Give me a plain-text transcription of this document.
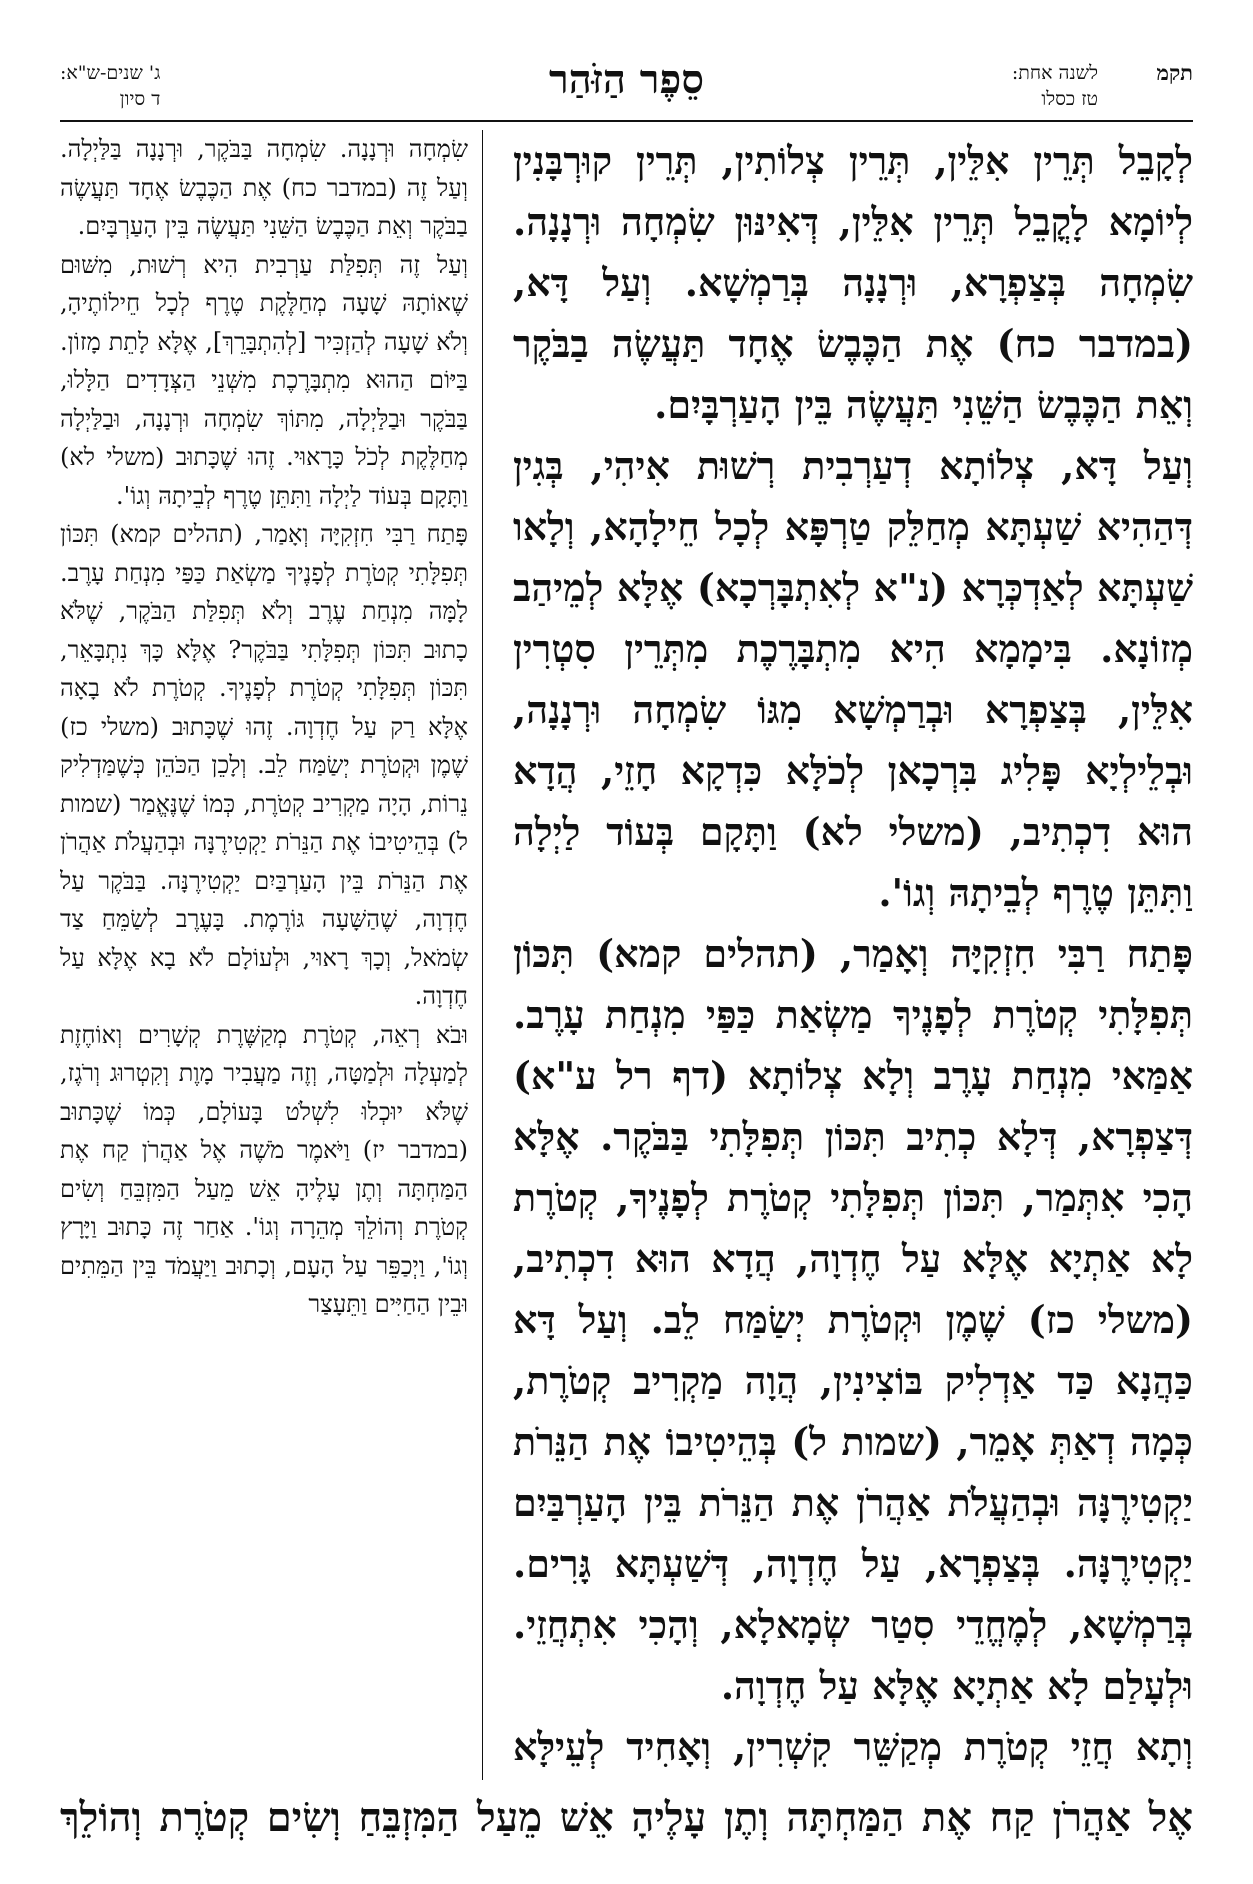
תקמ
לשנה אחת:
טז כסלו
סֵפֶר הַזֹּהַר
ג' שנים-ש"א:
ד סיון

לְקָבֵל תְּרֵין אִלֵּין, תְּרֵין צְלוֹתִין, תְּרֵין קוּרְבָּנִין לְיוֹמָא לָקֳבֵל תְּרֵין אִלֵּין, דְּאִינּוּן שִׂמְחָה וּרְנָנָה. שִׂמְחָה בְּצַפְרָא, וּרְנָנָה בְּרַמְשָׁא. וְעַל דָּא, (במדבר כח) אֶת הַכֶּבֶשׂ אֶחָד תַּעֲשֶׂה בַבֹּקֶר וְאֵת הַכֶּבֶשׂ הַשֵּׁנִי תַּעֲשֶׂה בֵּין הָעַרְבָּיִם.

וְעַל דָּא, צְלוֹתָא דְעַרְבִית רְשׁוּת אִיהִי, בְּגִין דְּהַהִיא שַׁעְתָּא מְחַלֵּק טַרְפָּא לְכָל חֵילָהָא, וְלָאו שַׁעְתָּא לְאַדְכְּרָא (נ"א לְאִתְבָּרְכָא) אֶלָּא לְמֵיהַב מְזוֹנָא. בִּימָמָא הִיא מִתְבָּרֶכֶת מִתְּרֵין סִטְרִין אִלֵּין, בְּצַפְרָא וּבְרַמְשָׁא מִגּוֹ שִׂמְחָה וּרְנָנָה, וּבְלֵילְיָא פָּלִיג בִּרְכָאן לְכֹלָּא כִּדְקָא חָזֵי, הֲדָא הוּא דִכְתִיב, (משלי לא) וַתָּקָם בְּעוֹד לַיְלָה וַתִּתֵּן טֶרֶף לְבֵיתָהּ וְגוֹ'.

פָּתַח רַבִּי חִזְקִיָּה וְאָמַר, (תהלים קמא) תִּכּוֹן תְּפִלָּתִי קְטֹרֶת לְפָנֶיךָ מַשְׂאַת כַּפַּי מִנְחַת עָרֶב. אַמַּאי מִנְחַת עָרֶב וְלָא צְלוֹתָא (דף רל ע"א) דְּצַפְרָא, דְּלָא כְתִיב תִּכּוֹן תְּפִלָּתִי בַּבֹּקֶר. אֶלָּא הָכִי אִתְּמַר, תִּכּוֹן תְּפִלָּתִי קְטֹרֶת לְפָנֶיךָ, קְטֹרֶת לָא אַתְיָא אֶלָּא עַל חֶדְוָה, הֲדָא הוּא דִכְתִיב, (משלי כז) שֶׁמֶן וּקְטֹרֶת יְשַׂמַּח לֵב. וְעַל דָּא כַּהֲנָא כַּד אַדְלִיק בּוֹצִינִין, הֲוָה מַקְרִיב קְטֹרֶת, כְּמָה דְאַתְּ אָמֵר, (שמות ל) בְּהֵיטִיבוֹ אֶת הַנֵּרֹת יַקְטִירֶנָּה וּבְהַעֲלֹת אַהֲרֹן אֶת הַנֵּרֹת בֵּין הָעַרְבַּיִם יַקְטִירֶנָּה. בְּצַפְרָא, עַל חֶדְוָה, דְּשַׁעְתָּא גָּרִים. בְּרַמְשָׁא, לְמֶחֱדֵי סִטַר שְׂמָאלָא, וְהָכִי אִתְחֲזֵי. וּלְעָלַם לָא אַתְיָא אֶלָּא עַל חֶדְוָה.

וְתָא חֲזֵי קְטֹרֶת מְקַשֵּׁר קִשְׁרִין, וְאָחִיד לְעֵילָּא

שִׂמְחָה וּרְנָנָה. שִׂמְחָה בַּבֹּקֶר, וּרְנָנָה בַּלַּיְלָה. וְעַל זֶה (במדבר כח) אֶת הַכֶּבֶשׂ אֶחָד תַּעֲשֶׂה בַבֹּקֶר וְאֵת הַכֶּבֶשׂ הַשֵּׁנִי תַּעֲשֶׂה בֵּין הָעַרְבָּיִם.

וְעַל זֶה תְּפִלַּת עַרְבִית הִיא רְשׁוּת, מִשּׁוּם שֶׁאוֹתָהּ שָׁעָה מְחַלֶּקֶת טֶרֶף לְכָל חֵילוֹתֶיהָ, וְלֹא שָׁעָה לְהַזְכִּיר [לְהִתְבָּרֵךְ], אֶלָּא לָתֵת מָזוֹן. בַּיּוֹם הַהוּא מִתְבָּרֶכֶת מִשְּׁנֵי הַצְּדָדִים הַלָּלוּ, בַּבֹּקֶר וּבַלַּיְלָה, מִתּוֹךְ שִׂמְחָה וּרְנָנָה, וּבַלַּיְלָה מְחַלֶּקֶת לְכֹל כָּרָאוּי. זֶהוּ שֶׁכָּתוּב (משלי לא) וַתָּקָם בְּעוֹד לַיְלָה וַתִּתֵּן טֶרֶף לְבֵיתָהּ וְגוֹ'.

פָּתַח רַבִּי חִזְקִיָּה וְאָמַר, (תהלים קמא) תִּכּוֹן תְּפִלָּתִי קְטֹרֶת לְפָנֶיךָ מַשְׂאַת כַּפַּי מִנְחַת עָרֶב. לָמָּה מִנְחַת עֶרֶב וְלֹא תְּפִלַּת הַבֹּקֶר, שֶׁלֹּא כָתוּב תִּכּוֹן תְּפִלָּתִי בַּבֹּקֶר? אֶלָּא כָּךְ נִתְבָּאֵר, תִּכּוֹן תְּפִלָּתִי קְטֹרֶת לְפָנֶיךָ. קְטֹרֶת לֹא בָאָה אֶלָּא רַק עַל חֶדְוָה. זֶהוּ שֶׁכָּתוּב (משלי כז) שֶׁמֶן וּקְטֹרֶת יְשַׂמַּח לֵב. וְלָכֵן הַכֹּהֵן כְּשֶׁמַּדְלִיק נֵרוֹת, הָיָה מַקְרִיב קְטֹרֶת, כְּמוֹ שֶׁנֶּאֱמַר (שמות ל) בְּהֵיטִיבוֹ אֶת הַנֵּרֹת יַקְטִירֶנָּה וּבְהַעֲלֹת אַהֲרֹן אֶת הַנֵּרֹת בֵּין הָעַרְבַּיִם יַקְטִירֶנָּה. בַּבֹּקֶר עַל חֶדְוָה, שֶׁהַשָּׁעָה גּוֹרֶמֶת. בָּעֶרֶב לְשַׂמֵּחַ צַד שְׂמֹאל, וְכָךְ רָאוּי, וּלְעוֹלָם לֹא בָא אֶלָּא עַל חֶדְוָה.

וּבֹא רְאֵה, קְטֹרֶת מְקַשֶּׁרֶת קְשָׁרִים וְאוֹחֶזֶת לְמַעְלָה וּלְמַטָּה, וְזֶה מַעֲבִיר מָוֶת וְקִטְרוּג וְרֹגֶז, שֶׁלֹּא יוּכְלוּ לִשְׁלֹט בָּעוֹלָם, כְּמוֹ שֶׁכָּתוּב (במדבר יז) וַיֹּאמֶר מֹשֶׁה אֶל אַהֲרֹן קַח אֶת הַמַּחְתָּה וְתֶן עָלֶיהָ אֵשׁ מֵעַל הַמִּזְבֵּחַ וְשִׂים קְטֹרֶת וְהוֹלֵךְ מְהֵרָה וְגוֹ'. אַחַר זֶה כָּתוּב וַיָּרָץ וְגוֹ', וַיְכַפֵּר עַל הָעָם, וְכָתוּב וַיַּעֲמֹד בֵּין הַמֵּתִים וּבֵין הַחַיִּים וַתֵּעָצַר

אֶל אַהֲרֹן קַח אֶת הַמַּחְתָּה וְתֶן עָלֶיהָ אֵשׁ מֵעַל הַמִּזְבֵּחַ וְשִׂים קְטֹרֶת וְהוֹלֵךְ
